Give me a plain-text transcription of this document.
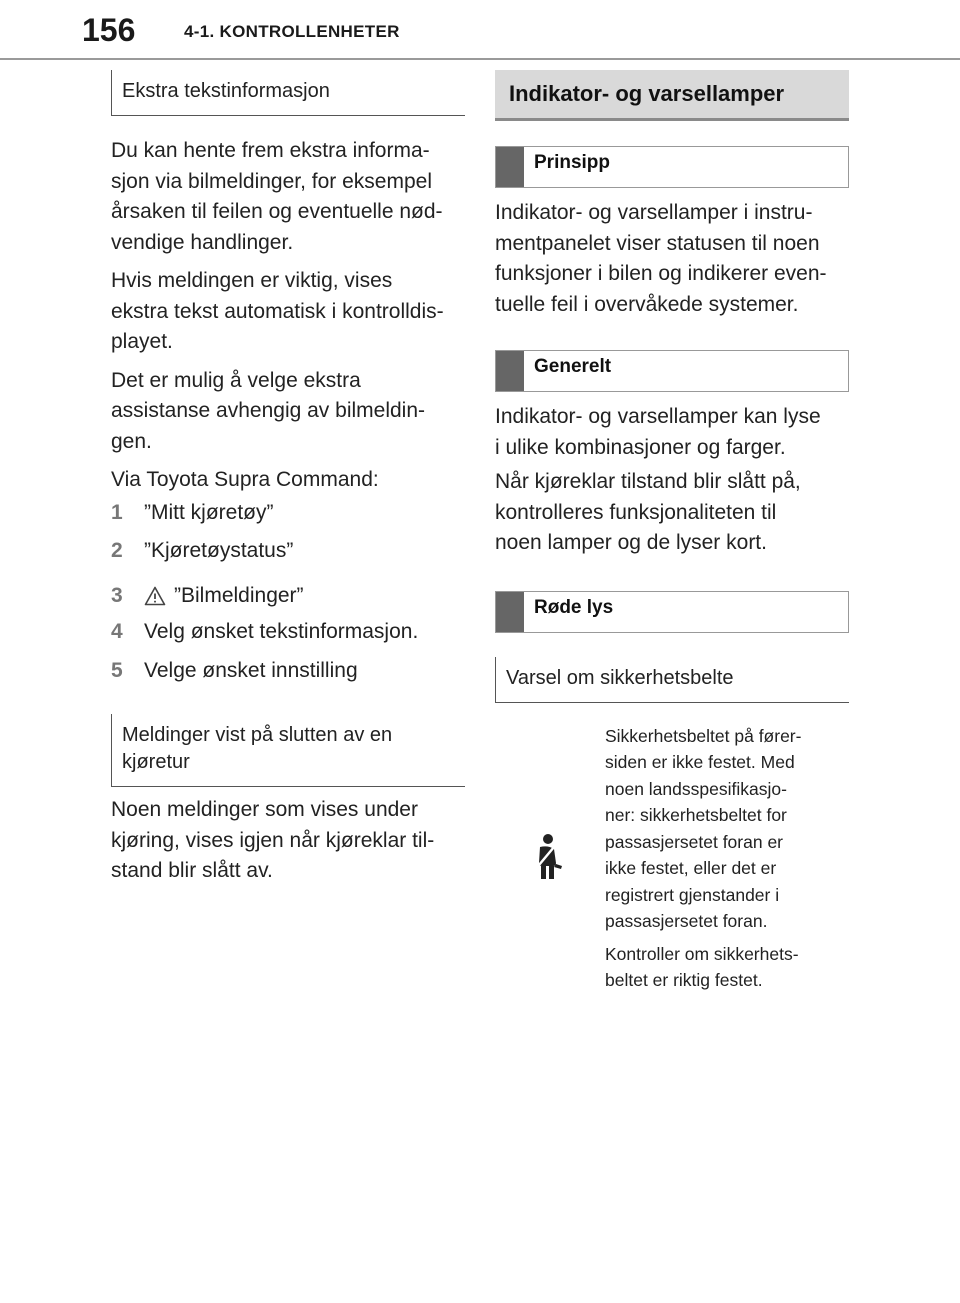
156	4-1. KONTROLLENHETER
Ekstra tekstinformasjon
Du kan hente frem ekstra informa-
sjon via bilmeldinger, for eksempel
årsaken til feilen og eventuelle nød-
vendige handlinger.
Hvis meldingen er viktig, vises
ekstra tekst automatisk i kontrolldis-
playet.
Det er mulig å velge ekstra
assistanse avhengig av bilmeldin-
gen.
Via Toyota Supra Command:
1	”Mitt kjøretøy”
2	”Kjøretøystatus”
3	”Bilmeldinger”
4	Velg ønsket tekstinformasjon.
5	Velge ønsket innstilling
Meldinger vist på slutten av en
kjøretur
Noen meldinger som vises under
kjøring, vises igjen når kjøreklar til-
stand blir slått av.
Indikator- og varsellamper
Prinsipp
Indikator- og varsellamper i instru-
mentpanelet viser statusen til noen
funksjoner i bilen og indikerer even-
tuelle feil i overvåkede systemer.
Generelt
Indikator- og varsellamper kan lyse
i ulike kombinasjoner og farger.
Når kjøreklar tilstand blir slått på,
kontrolleres funksjonaliteten til
noen lamper og de lyser kort.
Røde lys
Varsel om sikkerhetsbelte
Sikkerhetsbeltet på fører-
siden er ikke festet. Med
noen landsspesifikasjo-
ner: sikkerhetsbeltet for
passasjersetet foran er
ikke festet, eller det er
registrert gjenstander i
passasjersetet foran.
Kontroller om sikkerhets-
beltet er riktig festet.
